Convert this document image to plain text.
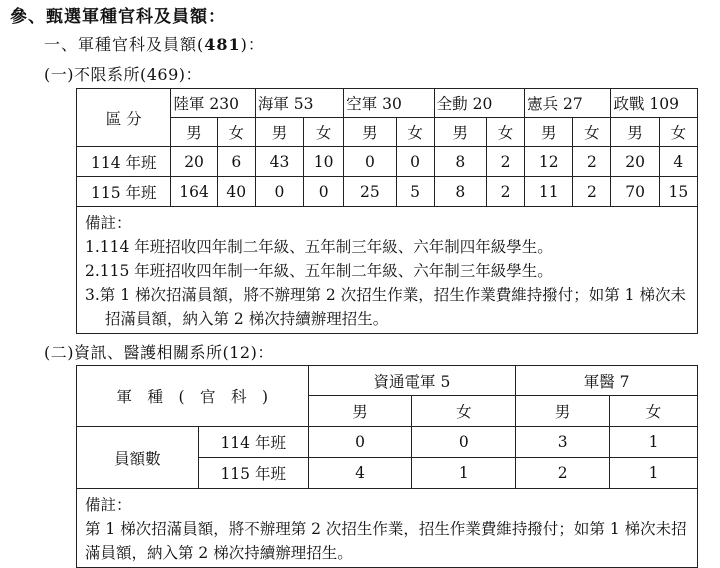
參、甄選軍種官科及員額：
一、軍種官科及員額(481)：
(一)不限系所(469)：
區 分	陸軍 230		海軍 53		空軍 30		全動 20		憲兵 27		政戰 109	
	男	女	男	女	男	女	男	女	男	女	男	女
114 年班	20	6	43	10	0	0	8	2	12	2	20	4
115 年班	164	40	0	0	25	5	8	2	11	2	70	15

備註：
1.114 年班招收四年制二年級、五年制三年級、六年制四年級學生。
2.115 年班招收四年制一年級、五年制二年級、六年制三年級學生。
3.第 1 梯次招滿員額，將不辦理第 2 次招生作業，招生作業費維持撥付；如第 1 梯次未招滿員額，納入第 2 梯次持續辦理招生。												
(二)資訊、醫護相關系所(12)：
軍　種　(　官　科　)		資通電軍 5		軍醫 7	
		男	女	男	女
員額數	114 年班	0	0	3	1
	115 年班	4	1	2	1

備註：
第 1 梯次招滿員額，將不辦理第 2 次招生作業，招生作業費維持撥付；如第 1 梯次未招滿員額，納入第 2 梯次持續辦理招生。					
